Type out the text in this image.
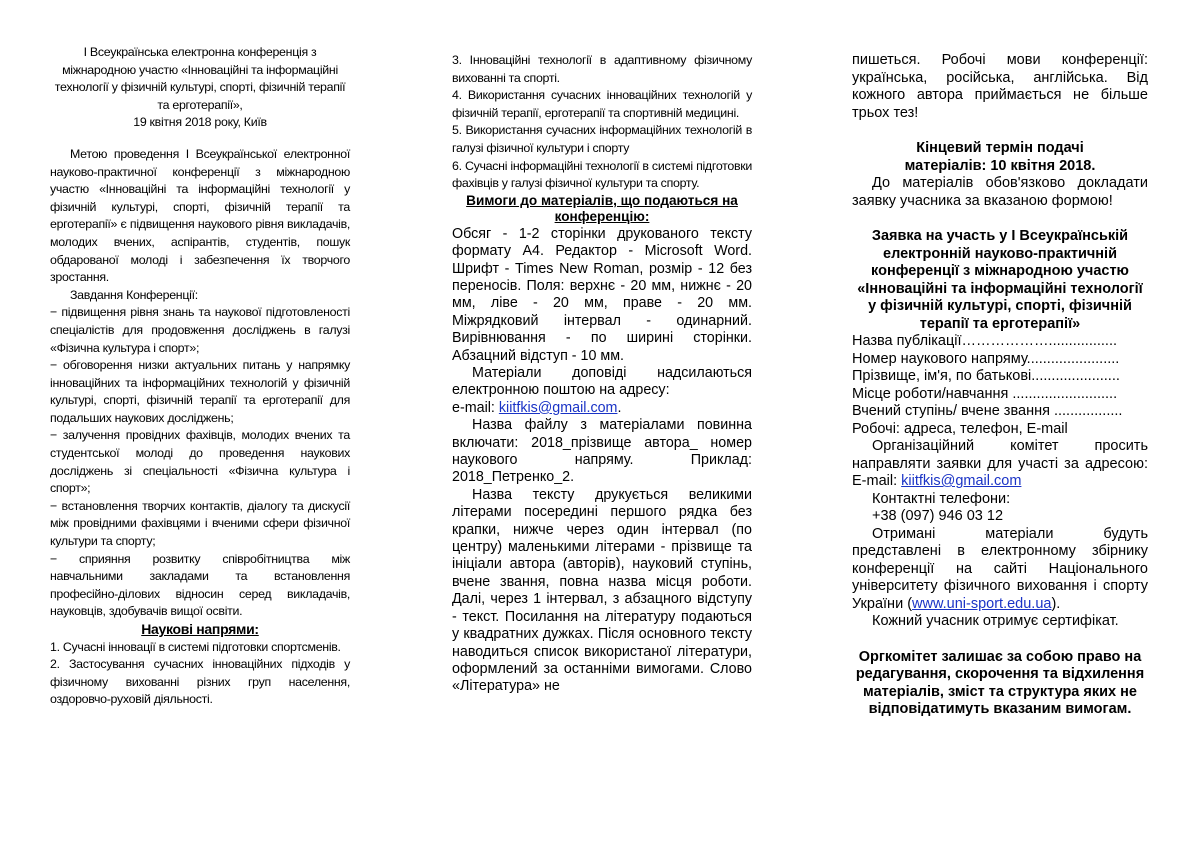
I Всеукраїнська електронна конференція з міжнародною участю «Інноваційні та інформаційні технології у фізичній культурі, спорті, фізичній терапії та ерготерапії»,

19 квітня 2018 року, Київ

Метою проведення I Всеукраїнської електронної науково-практичної конференції з міжнародною участю «Інноваційні та інформаційні технології у фізичній культурі, спорті, фізичній терапії та ерготерапії» є підвищення наукового рівня викладачів, молодих вчених, аспірантів, студентів, пошук обдарованої молоді і забезпечення їх творчого зростання.

Завдання Конференції:

− підвищення рівня знань та наукової підготовленості спеціалістів для продовження досліджень в галузі «Фізична культура і спорт»;

− обговорення низки актуальних питань у напрямку інноваційних та інформаційних технологій у фізичній культурі, спорті, фізичній терапії та ерготерапії для подальших наукових досліджень;

− залучення провідних фахівців, молодих вчених та студентської молоді до проведення наукових досліджень зі спеціальності «Фізична культура і спорт»;

− встановлення творчих контактів, діалогу та дискусії між провідними фахівцями і вченими сфери фізичної культури та спорту;

− сприяння розвитку співробітництва між навчальними закладами та встановлення професійно-ділових відносин серед викладачів, науковців, здобувачів вищої освіти.

Наукові напрями:

1. Сучасні інновації в системі підготовки спортсменів.

2. Застосування сучасних інноваційних підходів у фізичному вихованні різних груп населення, оздоровчо-руховій діяльності.

3. Інноваційні технології в адаптивному фізичному вихованні та спорті.

4. Використання сучасних інноваційних технологій у фізичній терапії, ерготерапії та спортивній медицині.

5. Використання сучасних інформаційних технологій в галузі фізичної культури і спорту

6. Сучасні інформаційні технології в системі підготовки фахівців у галузі фізичної культури та спорту.

Вимоги до матеріалів, що подаються на конференцію:

Обсяг - 1-2 сторінки друкованого тексту формату А4. Редактор - Microsoft Word. Шрифт - Times New Roman, розмір - 12 без переносів. Поля: верхнє - 20 мм, нижнє - 20 мм, ліве - 20 мм, праве - 20 мм. Міжрядковий інтервал - одинарний. Вирівнювання - по ширині сторінки. Абзацний відступ - 10 мм.

Матеріали доповіді надсилаються електронною поштою на адресу:

e-mail: kiitfkis@gmail.com.

Назва файлу з матеріалами повинна включати: 2018_прізвище автора_ номер наукового напряму. Приклад: 2018_Петренко_2.

Назва тексту друкується великими літерами посередині першого рядка без крапки, нижче через один інтервал (по центру) маленькими літерами - прізвище та ініціали автора (авторів), науковий ступінь, вчене звання, повна назва місця роботи. Далі, через 1 інтервал, з абзацного відступу - текст. Посилання на літературу подаються у квадратних дужках. Після основного тексту наводиться список використаної літератури, оформлений за останніми вимогами. Слово «Література» не

пишеться. Робочі мови конференції: українська, російська, англійська. Від кожного автора приймається не більше трьох тез!

Кінцевий термін подачі матеріалів: 10 квітня 2018.

До матеріалів обов'язково докладати заявку учасника за вказаною формою!

Заявка на участь у I Всеукраїнській електронній науково-практичній конференції з міжнародною участю «Інноваційні та інформаційні технології у фізичній культурі, спорті, фізичній терапії та ерготерапії»

Назва публікації……………….................

Номер наукового напряму.......................

Прізвище, ім'я, по батькові......................

Місце роботи/навчання ..........................

Вчений ступінь/ вчене звання .................

Робочі: адреса, телефон, E-mail

Організаційний комітет просить направляти заявки для участі за адресою: E-mail: kiitfkis@gmail.com

Контактні телефони:

+38 (097) 946 03 12

Отримані матеріали будуть представлені в електронному збірнику конференції на сайті Національного університету фізичного виховання і спорту України (www.uni-sport.edu.ua).

Кожний учасник отримує сертифікат.

Оргкомітет залишає за собою право на редагування, скорочення та відхилення матеріалів, зміст та структура яких не відповідатимуть вказаним вимогам.
